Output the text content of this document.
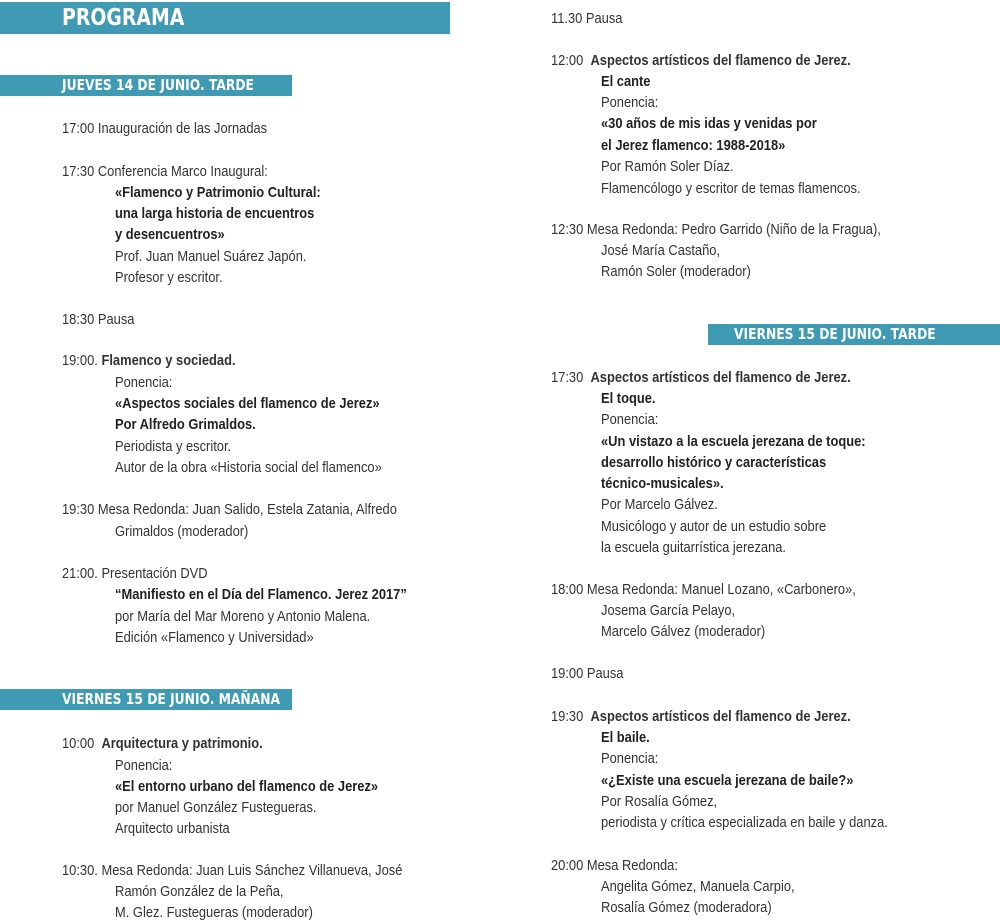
PROGRAMA
JUEVES 14 DE JUNIO. TARDE
VIERNES 15 DE JUNIO. MAÑANA
VIERNES 15 DE JUNIO. TARDE
17:00 Inauguración de las Jornadas
17:30 Conferencia Marco Inaugural:
«Flamenco y Patrimonio Cultural:
una larga historia de encuentros
y desencuentros»
Prof. Juan Manuel Suárez Japón.
Profesor y escritor.
18:30 Pausa
19:00. Flamenco y sociedad.
Ponencia:
«Aspectos sociales del flamenco de Jerez»
Por Alfredo Grimaldos.
Periodista y escritor.
Autor de la obra «Historia social del flamenco»
19:30 Mesa Redonda: Juan Salido, Estela Zatania, Alfredo
Grimaldos (moderador)
21:00. Presentación DVD
“Manifiesto en el Día del Flamenco. Jerez 2017”
por María del Mar Moreno y Antonio Malena.
Edición «Flamenco y Universidad»
10:00 Arquitectura y patrimonio.
Ponencia:
«El entorno urbano del flamenco de Jerez»
por Manuel González Fustegueras.
Arquitecto urbanista
10:30. Mesa Redonda: Juan Luis Sánchez Villanueva, José
Ramón González de la Peña,
M. Glez. Fustegueras (moderador)
11.30 Pausa
12:00 Aspectos artísticos del flamenco de Jerez.
El cante
Ponencia:
«30 años de mis idas y venidas por
el Jerez flamenco: 1988-2018»
Por Ramón Soler Díaz.
Flamencólogo y escritor de temas flamencos.
12:30 Mesa Redonda: Pedro Garrido (Niño de la Fragua),
José María Castaño,
Ramón Soler (moderador)
17:30 Aspectos artísticos del flamenco de Jerez.
El toque.
Ponencia:
«Un vistazo a la escuela jerezana de toque:
desarrollo histórico y características
técnico-musicales».
Por Marcelo Gálvez.
Musicólogo y autor de un estudio sobre
la escuela guitarrística jerezana.
18:00 Mesa Redonda: Manuel Lozano, «Carbonero»,
Josema García Pelayo,
Marcelo Gálvez (moderador)
19:00 Pausa
19:30 Aspectos artísticos del flamenco de Jerez.
El baile.
Ponencia:
«¿Existe una escuela jerezana de baile?»
Por Rosalía Gómez,
periodista y crítica especializada en baile y danza.
20:00 Mesa Redonda:
Angelita Gómez, Manuela Carpio,
Rosalía Gómez (moderadora)
